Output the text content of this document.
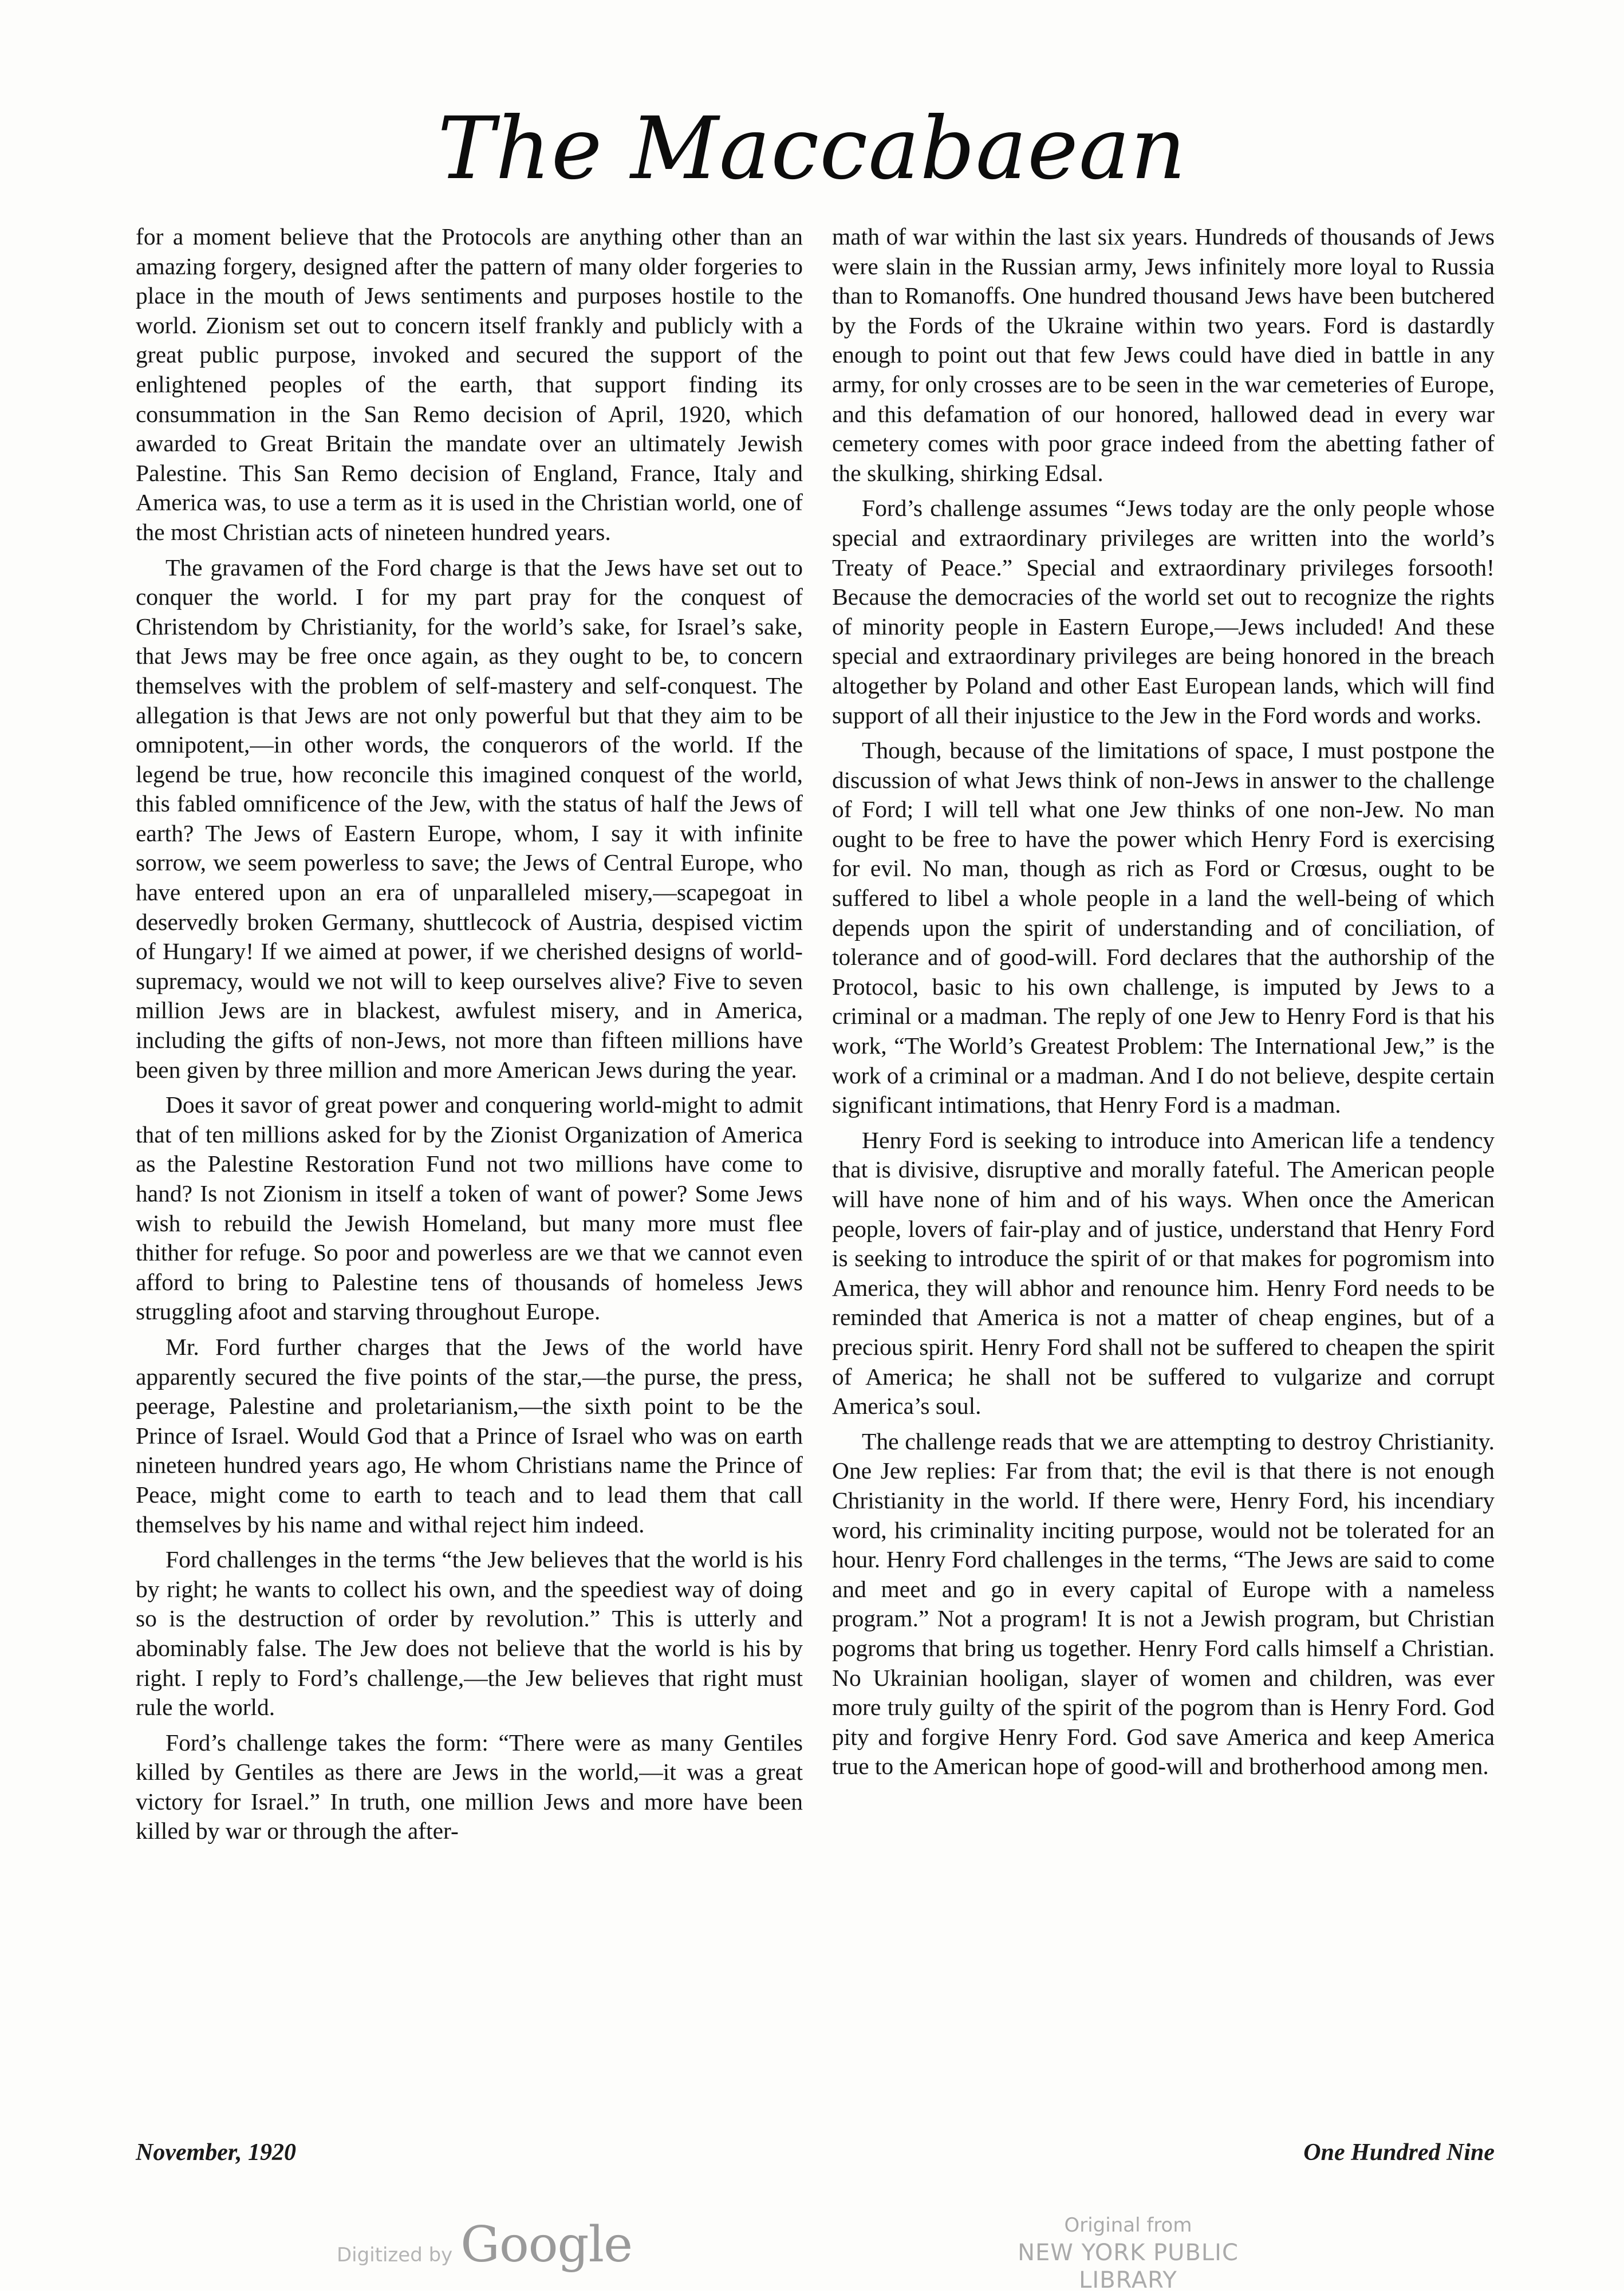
The Maccabaean

for a moment believe that the Protocols are anything other than an amazing forgery, designed after the pattern of many older forgeries to place in the mouth of Jews sentiments and purposes hostile to the world. Zionism set out to concern itself frankly and publicly with a great public purpose, invoked and secured the support of the enlightened peoples of the earth, that support finding its consummation in the San Remo decision of April, 1920, which awarded to Great Britain the mandate over an ultimately Jewish Palestine. This San Remo decision of England, France, Italy and America was, to use a term as it is used in the Christian world, one of the most Christian acts of nineteen hundred years.

The gravamen of the Ford charge is that the Jews have set out to conquer the world. I for my part pray for the conquest of Christendom by Christianity, for the world’s sake, for Israel’s sake, that Jews may be free once again, as they ought to be, to concern themselves with the problem of self-mastery and self-conquest. The allegation is that Jews are not only powerful but that they aim to be omnipotent,—in other words, the conquerors of the world. If the legend be true, how reconcile this imagined conquest of the world, this fabled omnificence of the Jew, with the status of half the Jews of earth? The Jews of Eastern Europe, whom, I say it with infinite sorrow, we seem powerless to save; the Jews of Central Europe, who have entered upon an era of unparalleled misery,—scapegoat in deservedly broken Germany, shuttlecock of Austria, despised victim of Hungary! If we aimed at power, if we cherished designs of world-supremacy, would we not will to keep ourselves alive? Five to seven million Jews are in blackest, awfulest misery, and in America, including the gifts of non-Jews, not more than fifteen millions have been given by three million and more American Jews during the year.

Does it savor of great power and conquering world-might to admit that of ten millions asked for by the Zionist Organization of America as the Palestine Restoration Fund not two millions have come to hand? Is not Zionism in itself a token of want of power? Some Jews wish to rebuild the Jewish Homeland, but many more must flee thither for refuge. So poor and powerless are we that we cannot even afford to bring to Palestine tens of thousands of homeless Jews struggling afoot and starving throughout Europe.

Mr. Ford further charges that the Jews of the world have apparently secured the five points of the star,—the purse, the press, peerage, Palestine and proletarianism,—the sixth point to be the Prince of Israel. Would God that a Prince of Israel who was on earth nineteen hundred years ago, He whom Christians name the Prince of Peace, might come to earth to teach and to lead them that call themselves by his name and withal reject him indeed.

Ford challenges in the terms “the Jew believes that the world is his by right; he wants to collect his own, and the speediest way of doing so is the destruction of order by revolution.” This is utterly and abominably false. The Jew does not believe that the world is his by right. I reply to Ford’s challenge,—the Jew believes that right must rule the world.

Ford’s challenge takes the form: “There were as many Gentiles killed by Gentiles as there are Jews in the world,—it was a great victory for Israel.” In truth, one million Jews and more have been killed by war or through the after-

math of war within the last six years. Hundreds of thousands of Jews were slain in the Russian army, Jews infinitely more loyal to Russia than to Romanoffs. One hundred thousand Jews have been butchered by the Fords of the Ukraine within two years. Ford is dastardly enough to point out that few Jews could have died in battle in any army, for only crosses are to be seen in the war cemeteries of Europe, and this defamation of our honored, hallowed dead in every war cemetery comes with poor grace indeed from the abetting father of the skulking, shirking Edsal.

Ford’s challenge assumes “Jews today are the only people whose special and extraordinary privileges are written into the world’s Treaty of Peace.” Special and extraordinary privileges forsooth! Because the democracies of the world set out to recognize the rights of minority people in Eastern Europe,—Jews included! And these special and extraordinary privileges are being honored in the breach altogether by Poland and other East European lands, which will find support of all their injustice to the Jew in the Ford words and works.

Though, because of the limitations of space, I must postpone the discussion of what Jews think of non-Jews in answer to the challenge of Ford; I will tell what one Jew thinks of one non-Jew. No man ought to be free to have the power which Henry Ford is exercising for evil. No man, though as rich as Ford or Crœsus, ought to be suffered to libel a whole people in a land the well-being of which depends upon the spirit of understanding and of conciliation, of tolerance and of good-will. Ford declares that the authorship of the Protocol, basic to his own challenge, is imputed by Jews to a criminal or a madman. The reply of one Jew to Henry Ford is that his work, “The World’s Greatest Problem: The International Jew,” is the work of a criminal or a madman. And I do not believe, despite certain significant intimations, that Henry Ford is a madman.

Henry Ford is seeking to introduce into American life a tendency that is divisive, disruptive and morally fateful. The American people will have none of him and of his ways. When once the American people, lovers of fair-play and of justice, understand that Henry Ford is seeking to introduce the spirit of or that makes for pogromism into America, they will abhor and renounce him. Henry Ford needs to be reminded that America is not a matter of cheap engines, but of a precious spirit. Henry Ford shall not be suffered to cheapen the spirit of America; he shall not be suffered to vulgarize and corrupt America’s soul.

The challenge reads that we are attempting to destroy Christianity. One Jew replies: Far from that; the evil is that there is not enough Christianity in the world. If there were, Henry Ford, his incendiary word, his criminality inciting purpose, would not be tolerated for an hour. Henry Ford challenges in the terms, “The Jews are said to come and meet and go in every capital of Europe with a nameless program.” Not a program! It is not a Jewish program, but Christian pogroms that bring us together. Henry Ford calls himself a Christian. No Ukrainian hooligan, slayer of women and children, was ever more truly guilty of the spirit of the pogrom than is Henry Ford. God pity and forgive Henry Ford. God save America and keep America true to the American hope of good-will and brotherhood among men.

November, 1920	One Hundred Nine
Digitized by Google	Original from
NEW YORK PUBLIC LIBRARY
